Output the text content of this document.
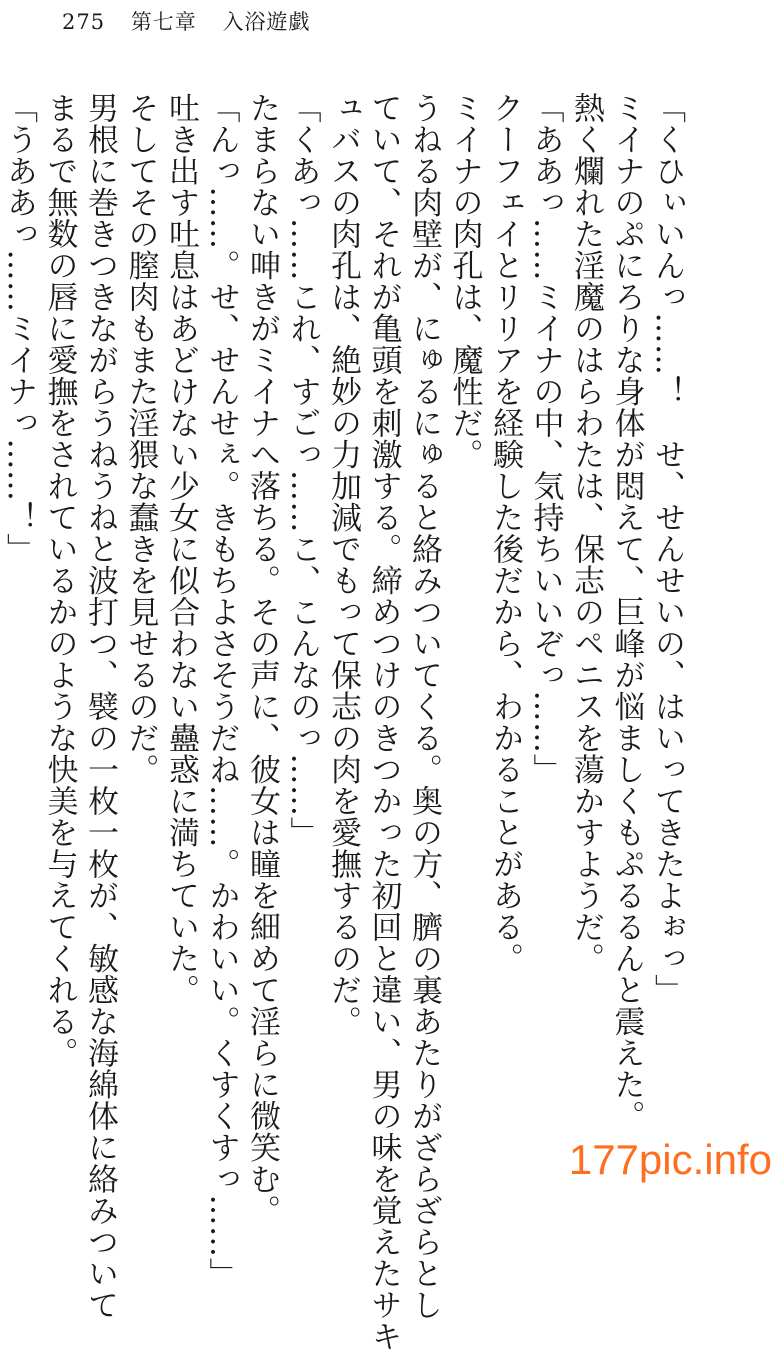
275 第七章 入浴遊戯
「くひぃいんっ……！　せ、せんせいの、はいってきたよぉっ」
ミイナのぷにろりな身体が悶えて、巨峰が悩ましくもぷるるんと震えた。
熱く爛れた淫魔のはらわたは、保志のペニスを蕩かすようだ。
「ああっ……ミイナの中、気持ちいいぞっ……」
クーフェイとリリアを経験した後だから、わかることがある。
ミイナの肉孔は、魔性だ。
うねる肉壁が、にゅるにゅると絡みついてくる。奥の方、臍の裏あたりがざらざらとし
ていて、それが亀頭を刺激する。締めつけのきつかった初回と違い、男の味を覚えたサキ
ュバスの肉孔は、絶妙の力加減でもって保志の肉を愛撫するのだ。
「くあっ……これ、すごっ……こ、こんなのっ……」
たまらない呻きがミイナへ落ちる。その声に、彼女は瞳を細めて淫らに微笑む。
「んっ……。せ、せんせぇ。きもちよさそうだね……。かわいい。くすくすっ……」
吐き出す吐息はあどけない少女に似合わない蠱惑に満ちていた。
そしてその膣肉もまた淫猥な蠢きを見せるのだ。
男根に巻きつきながらうねうねと波打つ、襞の一枚一枚が、敏感な海綿体に絡みついて
まるで無数の唇に愛撫をされているかのような快美を与えてくれる。
「うああっ……ミイナっ……！」
177pic.info
